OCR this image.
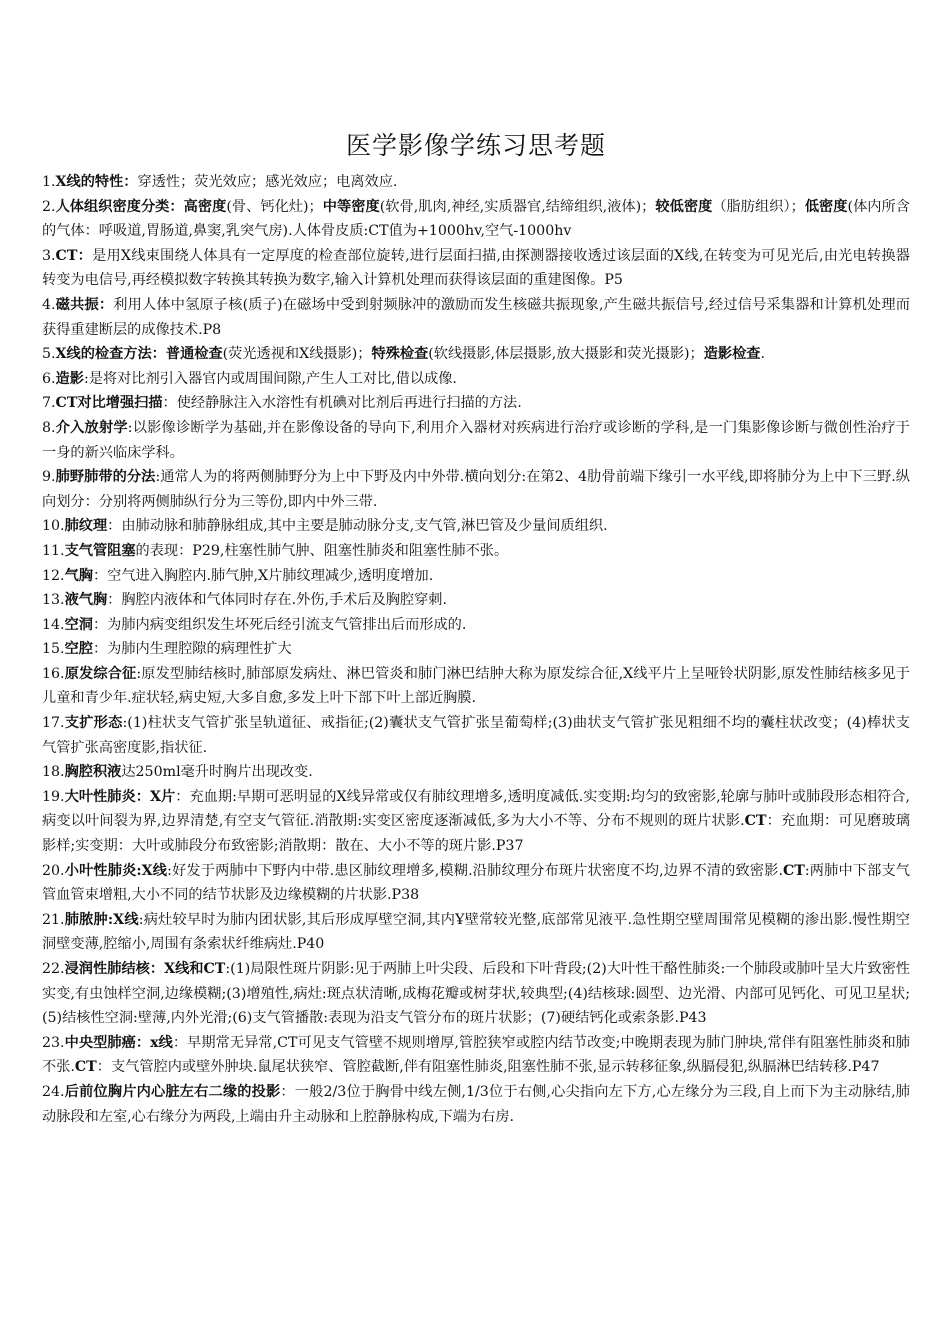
医学影像学练习思考题

1.X线的特性：穿透性；荧光效应；感光效应；电离效应.

2.人体组织密度分类：高密度(骨、钙化灶)；中等密度(软骨,肌肉,神经,实质器官,结缔组织,液体)；较低密度（脂肪组织）；低密度(体内所含的气体：呼吸道,胃肠道,鼻窦,乳突气房).人体骨皮质:CT值为+1000hv,空气-1000hv

3.CT：是用X线束围绕人体具有一定厚度的检查部位旋转,进行层面扫描,由探测器接收透过该层面的X线,在转变为可见光后,由光电转换器转变为电信号,再经模拟数字转换其转换为数字,输入计算机处理而获得该层面的重建图像。P5

4.磁共振：利用人体中氢原子核(质子)在磁场中受到射频脉冲的激励而发生核磁共振现象,产生磁共振信号,经过信号采集器和计算机处理而获得重建断层的成像技术.P8

5.X线的检查方法：普通检查(荧光透视和X线摄影)；特殊检查(软线摄影,体层摄影,放大摄影和荧光摄影)；造影检查.

6.造影:是将对比剂引入器官内或周围间隙,产生人工对比,借以成像.

7.CT对比增强扫描：使经静脉注入水溶性有机碘对比剂后再进行扫描的方法.

8.介入放射学:以影像诊断学为基础,并在影像设备的导向下,利用介入器材对疾病进行治疗或诊断的学科,是一门集影像诊断与微创性治疗于一身的新兴临床学科。

9.肺野肺带的分法:通常人为的将两侧肺野分为上中下野及内中外带.横向划分:在第2、4肋骨前端下缘引一水平线,即将肺分为上中下三野.纵向划分：分别将两侧肺纵行分为三等份,即内中外三带.

10.肺纹理：由肺动脉和肺静脉组成,其中主要是肺动脉分支,支气管,淋巴管及少量间质组织.

11.支气管阻塞的表现：P29,柱塞性肺气肿、阻塞性肺炎和阻塞性肺不张。

12.气胸：空气进入胸腔内.肺气肿,X片肺纹理减少,透明度增加.

13.液气胸：胸腔内液体和气体同时存在.外伤,手术后及胸腔穿刺.

14.空洞：为肺内病变组织发生坏死后经引流支气管排出后而形成的.

15.空腔：为肺内生理腔隙的病理性扩大

16.原发综合征:原发型肺结核时,肺部原发病灶、淋巴管炎和肺门淋巴结肿大称为原发综合征,X线平片上呈哑铃状阴影,原发性肺结核多见于儿童和青少年.症状轻,病史短,大多自愈,多发上叶下部下叶上部近胸膜.

17.支扩形态:(1)柱状支气管扩张呈轨道征、戒指征;(2)囊状支气管扩张呈葡萄样;(3)曲状支气管扩张见粗细不均的囊柱状改变；(4)棒状支气管扩张高密度影,指状征.

18.胸腔积液达250ml毫升时胸片出现改变.

19.大叶性肺炎：X片：充血期:早期可恶明显的X线异常或仅有肺纹理增多,透明度减低.实变期:均匀的致密影,轮廓与肺叶或肺段形态相符合,病变以叶间裂为界,边界清楚,有空支气管征.消散期:实变区密度逐渐减低,多为大小不等、分布不规则的斑片状影.CT：充血期：可见磨玻璃影样;实变期：大叶或肺段分布致密影;消散期：散在、大小不等的斑片影.P37

20.小叶性肺炎:X线:好发于两肺中下野内中带.患区肺纹理增多,模糊.沿肺纹理分布斑片状密度不均,边界不清的致密影.CT:两肺中下部支气管血管束增粗,大小不同的结节状影及边缘模糊的片状影.P38

21.肺脓肿:X线:病灶较早时为肺内团状影,其后形成厚壁空洞,其内Ұ壁常较光整,底部常见液平.急性期空壁周围常见模糊的渗出影.慢性期空洞壁变薄,腔缩小,周围有条索状纤维病灶.P40

22.浸润性肺结核：X线和CT:(1)局限性斑片阴影:见于两肺上叶尖段、后段和下叶背段;(2)大叶性干酪性肺炎:一个肺段或肺叶呈大片致密性实变,有虫蚀样空洞,边缘模糊;(3)增殖性,病灶:斑点状清晰,成梅花瓣或树芽状,较典型;(4)结核球:圆型、边光滑、内部可见钙化、可见卫星状;(5)结核性空洞:壁薄,内外光滑;(6)支气管播散:表现为沿支气管分布的斑片状影；(7)硬结钙化或索条影.P43

23.中央型肺癌：x线：早期常无异常,CT可见支气管壁不规则增厚,管腔狭窄或腔内结节改变;中晚期表现为肺门肿块,常伴有阻塞性肺炎和肺不张.CT：支气管腔内或壁外肿块.鼠尾状狭窄、管腔截断,伴有阻塞性肺炎,阻塞性肺不张,显示转移征象,纵膈侵犯,纵膈淋巴结转移.P47

24.后前位胸片内心脏左右二缘的投影：一般2/3位于胸骨中线左侧,1/3位于右侧,心尖指向左下方,心左缘分为三段,自上而下为主动脉结,肺动脉段和左室,心右缘分为两段,上端由升主动脉和上腔静脉构成,下端为右房.
